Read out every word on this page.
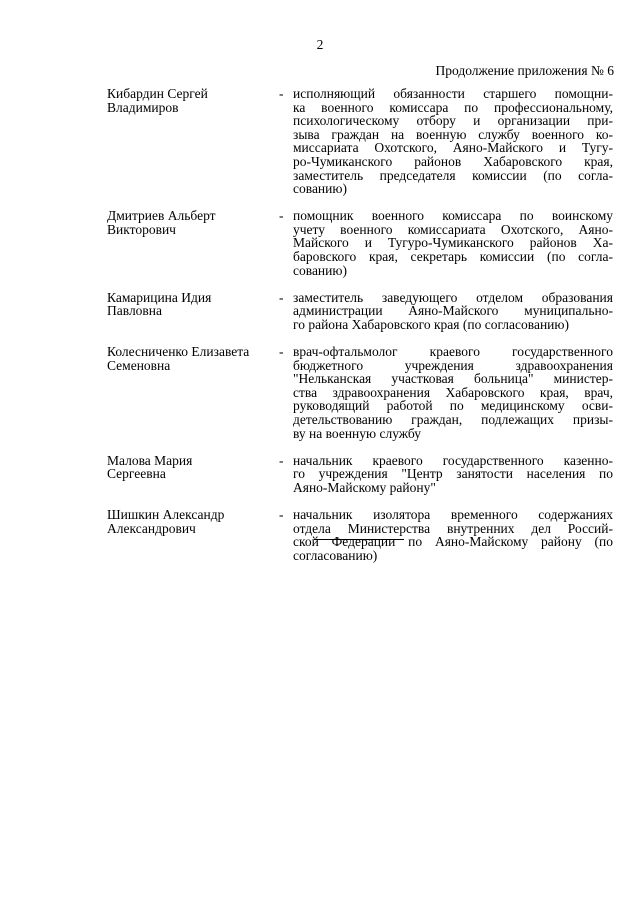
2
Продолжение приложения № 6
Кибардин Сергей
Владимиров
- исполняющий обязанности старшего помощни-
ка военного комиссара по профессиональному,
психологическому отбору и организации при-
зыва граждан на военную службу военного ко-
миссариата Охотского, Аяно-Майского и Тугу-
ро-Чумиканского районов Хабаровского края,
заместитель председателя комиссии (по согла-
сованию)
Дмитриев Альберт
Викторович
- помощник военного комиссара по воинскому
учету военного комиссариата Охотского, Аяно-
Майского и Тугуро-Чумиканского районов Ха-
баровского края, секретарь комиссии (по согла-
сованию)
Камарицина Идия
Павловна
- заместитель заведующего отделом образования
администрации Аяно-Майского муниципально-
го района Хабаровского края (по согласованию)
Колесниченко Елизавета
Семеновна
- врач-офтальмолог краевого государственного
бюджетного учреждения здравоохранения
"Нельканская участковая больница" министер-
ства здравоохранения Хабаровского края, врач,
руководящий работой по медицинскому осви-
детельствованию граждан, подлежащих призы-
ву на военную службу
Малова Мария
Сергеевна
- начальник краевого государственного казенно-
го учреждения "Центр занятости населения по
Аяно-Майскому району"
Шишкин Александр
Александрович
- начальник изолятора временного содержаниях
отдела Министерства внутренних дел Россий-
ской Федерации по Аяно-Майскому району (по
согласованию)
